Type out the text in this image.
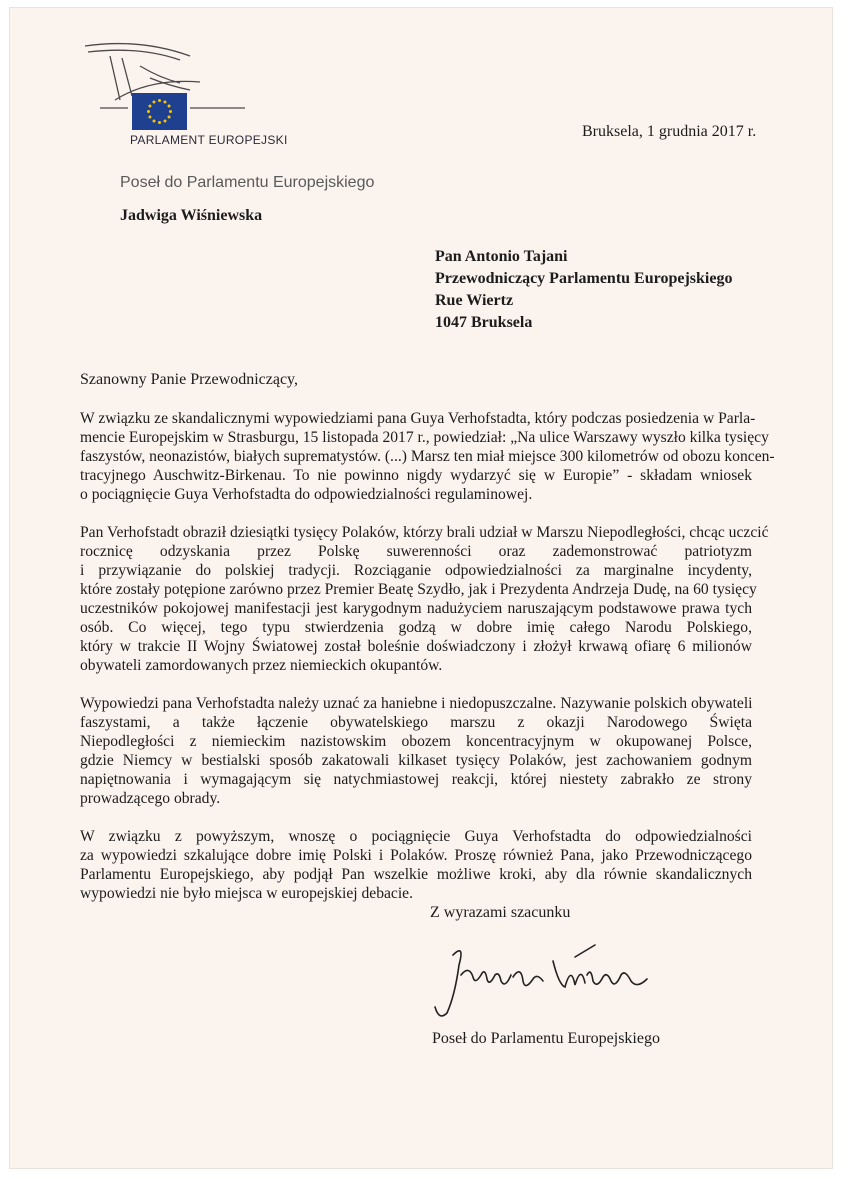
PARLAMENT EUROPEJSKI	Bruksela, 1 grudnia 2017 r.
Poseł do Parlamentu Europejskiego
Jadwiga Wiśniewska
Pan Antonio Tajani
Przewodniczący Parlamentu Europejskiego
Rue Wiertz
1047 Bruksela
Szanowny Panie Przewodniczący,

W związku ze skandalicznymi wypowiedziami pana Guya Verhofstadta, który podczas posiedzenia w Parla-
mencie Europejskim w Strasburgu, 15 listopada 2017 r., powiedział: „Na ulice Warszawy wyszło kilka tysięcy
faszystów, neonazistów, białych suprematystów. (...) Marsz ten miał miejsce 300 kilometrów od obozu koncen-
tracyjnego Auschwitz-Birkenau. To nie powinno nigdy wydarzyć się w Europie” - składam wniosek
o pociągnięcie Guya Verhofstadta do odpowiedzialności regulaminowej.

Pan Verhofstadt obraził dziesiątki tysięcy Polaków, którzy brali udział w Marszu Niepodległości, chcąc uczcić
rocznicę odzyskania przez Polskę suwerenności oraz zademonstrować patriotyzm
i przywiązanie do polskiej tradycji. Rozciąganie odpowiedzialności za marginalne incydenty,
które zostały potępione zarówno przez Premier Beatę Szydło, jak i Prezydenta Andrzeja Dudę, na 60 tysięcy
uczestników pokojowej manifestacji jest karygodnym nadużyciem naruszającym podstawowe prawa tych
osób. Co więcej, tego typu stwierdzenia godzą w dobre imię całego Narodu Polskiego,
który w trakcie II Wojny Światowej został boleśnie doświadczony i złożył krwawą ofiarę 6 milionów
obywateli zamordowanych przez niemieckich okupantów.

Wypowiedzi pana Verhofstadta należy uznać za haniebne i niedopuszczalne. Nazywanie polskich obywateli
faszystami, a także łączenie obywatelskiego marszu z okazji Narodowego Święta
Niepodległości z niemieckim nazistowskim obozem koncentracyjnym w okupowanej Polsce,
gdzie Niemcy w bestialski sposób zakatowali kilkaset tysięcy Polaków, jest zachowaniem godnym
napiętnowania i wymagającym się natychmiastowej reakcji, której niestety zabrakło ze strony
prowadzącego obrady.

W związku z powyższym, wnoszę o pociągnięcie Guya Verhofstadta do odpowiedzialności
za wypowiedzi szkalujące dobre imię Polski i Polaków. Proszę również Pana, jako Przewodniczącego
Parlamentu Europejskiego, aby podjął Pan wszelkie możliwe kroki, aby dla równie skandalicznych
wypowiedzi nie było miejsca w europejskiej debacie.

Z wyrazami szacunku
Poseł do Parlamentu Europejskiego
